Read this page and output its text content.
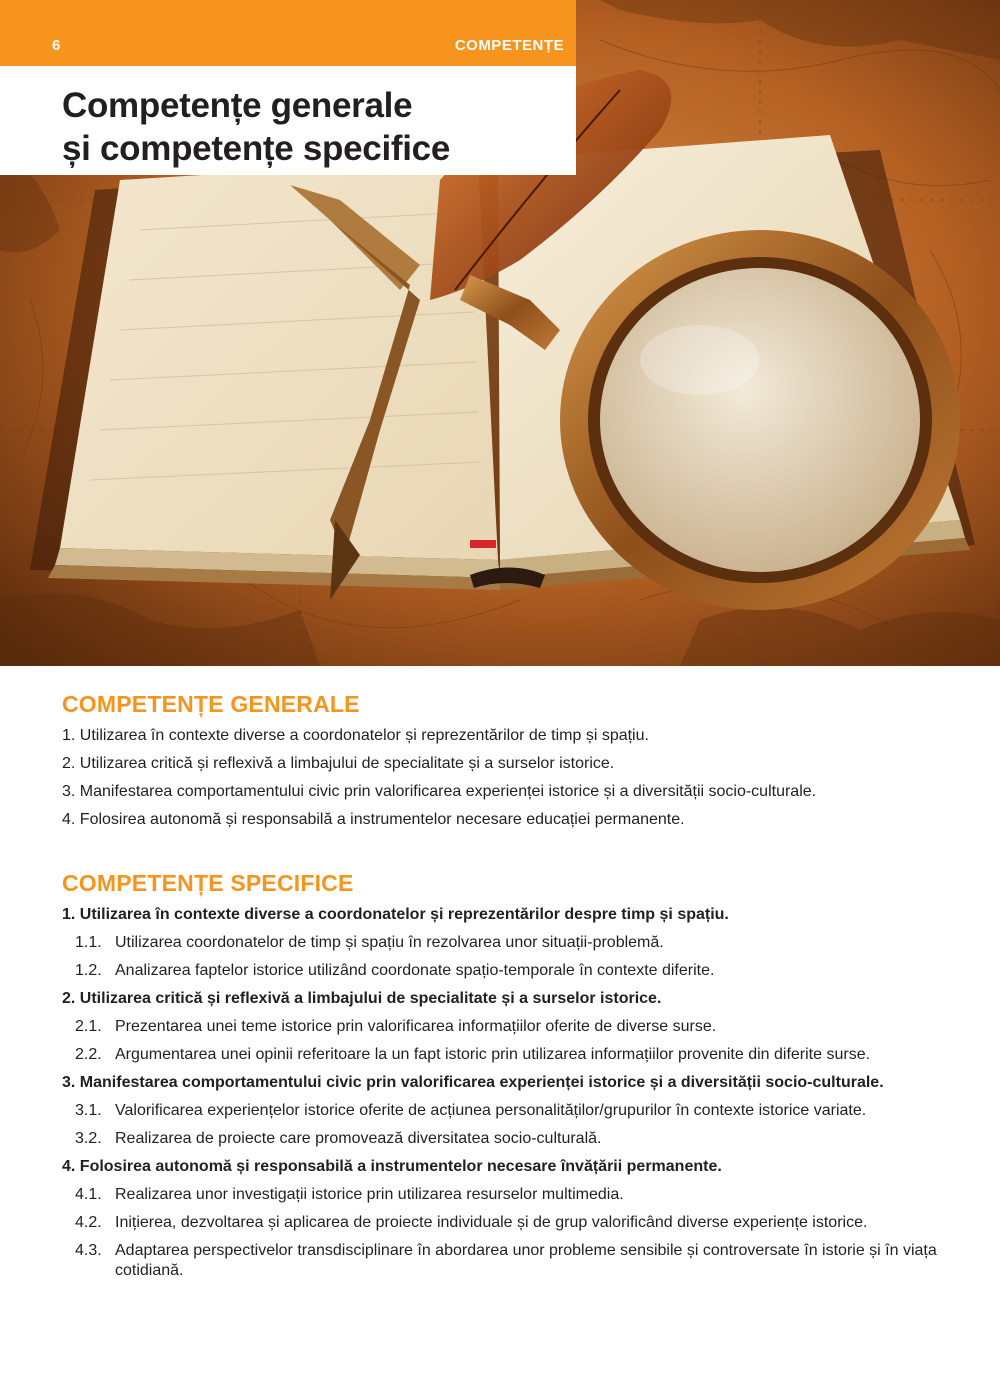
6	COMPETENȚE
Competențe generale
și competențe specifice
COMPETENȚE GENERALE
1. Utilizarea în contexte diverse a coordonatelor și reprezentărilor de timp și spațiu.
2. Utilizarea critică și reflexivă a limbajului de specialitate și a surselor istorice.
3. Manifestarea comportamentului civic prin valorificarea experienței istorice și a diversității socio-culturale.
4. Folosirea autonomă și responsabilă a instrumentelor necesare educației permanente.
COMPETENȚE SPECIFICE
1. Utilizarea în contexte diverse a coordonatelor și reprezentărilor despre timp și spațiu.
1.1. Utilizarea coordonatelor de timp și spațiu în rezolvarea unor situații-problemă.
1.2. Analizarea faptelor istorice utilizând coordonate spațio-temporale în contexte diferite.
2. Utilizarea critică și reflexivă a limbajului de specialitate și a surselor istorice.
2.1. Prezentarea unei teme istorice prin valorificarea informațiilor oferite de diverse surse.
2.2. Argumentarea unei opinii referitoare la un fapt istoric prin utilizarea informațiilor provenite din diferite surse.
3. Manifestarea comportamentului civic prin valorificarea experienței istorice și a diversității socio-culturale.
3.1. Valorificarea experiențelor istorice oferite de acțiunea personalităților/grupurilor în contexte istorice variate.
3.2. Realizarea de proiecte care promovează diversitatea socio-culturală.
4. Folosirea autonomă și responsabilă a instrumentelor necesare învățării permanente.
4.1. Realizarea unor investigații istorice prin utilizarea resurselor multimedia.
4.2. Inițierea, dezvoltarea și aplicarea de proiecte individuale și de grup valorificând diverse experiențe istorice.
4.3. Adaptarea perspectivelor transdisciplinare în abordarea unor probleme sensibile și controversate în istorie și în viața cotidiană.
